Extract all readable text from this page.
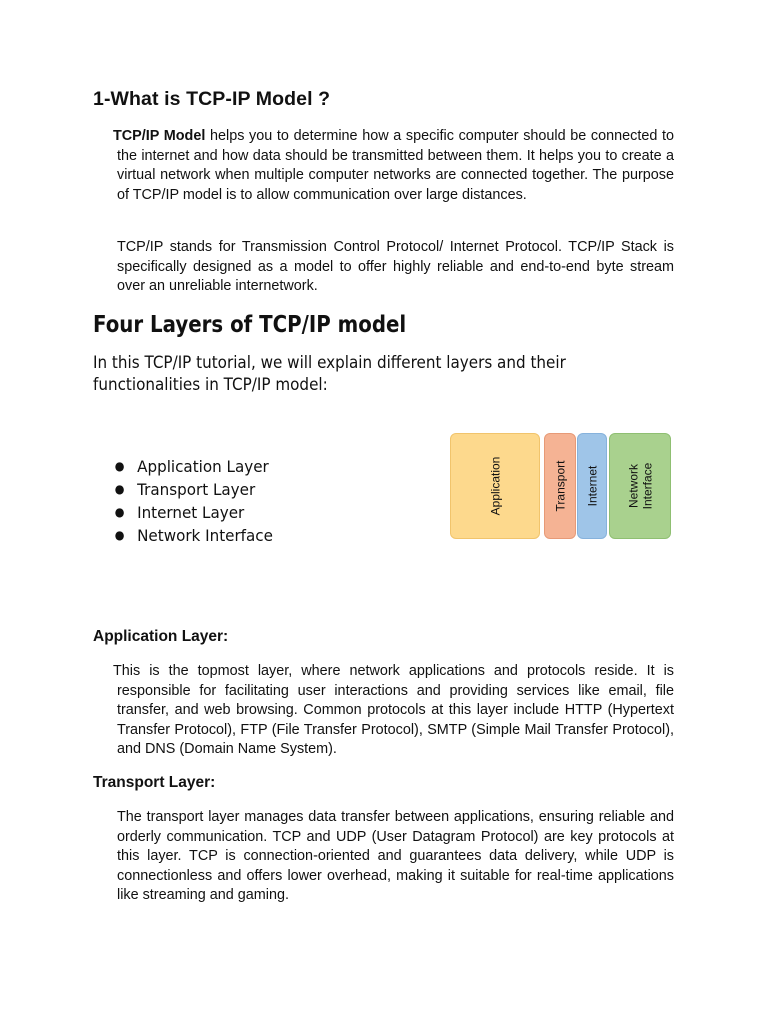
1-What is TCP-IP Model ?

TCP/IP Model helps you to determine how a specific computer should be connected to the internet and how data should be transmitted between them. It helps you to create a virtual network when multiple computer networks are connected together. The purpose of TCP/IP model is to allow communication over large distances.

TCP/IP stands for Transmission Control Protocol/ Internet Protocol. TCP/IP Stack is specifically designed as a model to offer highly reliable and end-to-end byte stream over an unreliable internetwork.

Four Layers of TCP/IP model

In this TCP/IP tutorial, we will explain different layers and their functionalities in TCP/IP model:

● Application Layer
● Transport Layer
● Internet Layer
● Network Interface
Application	Transport Internet Network
Interface
Application Layer:

This is the topmost layer, where network applications and protocols reside. It is responsible for facilitating user interactions and providing services like email, file transfer, and web browsing. Common protocols at this layer include HTTP (Hypertext Transfer Protocol), FTP (File Transfer Protocol), SMTP (Simple Mail Transfer Protocol), and DNS (Domain Name System).

Transport Layer:

The transport layer manages data transfer between applications, ensuring reliable and orderly communication. TCP and UDP (User Datagram Protocol) are key protocols at this layer. TCP is connection-oriented and guarantees data delivery, while UDP is connectionless and offers lower overhead, making it suitable for real-time applications like streaming and gaming.
